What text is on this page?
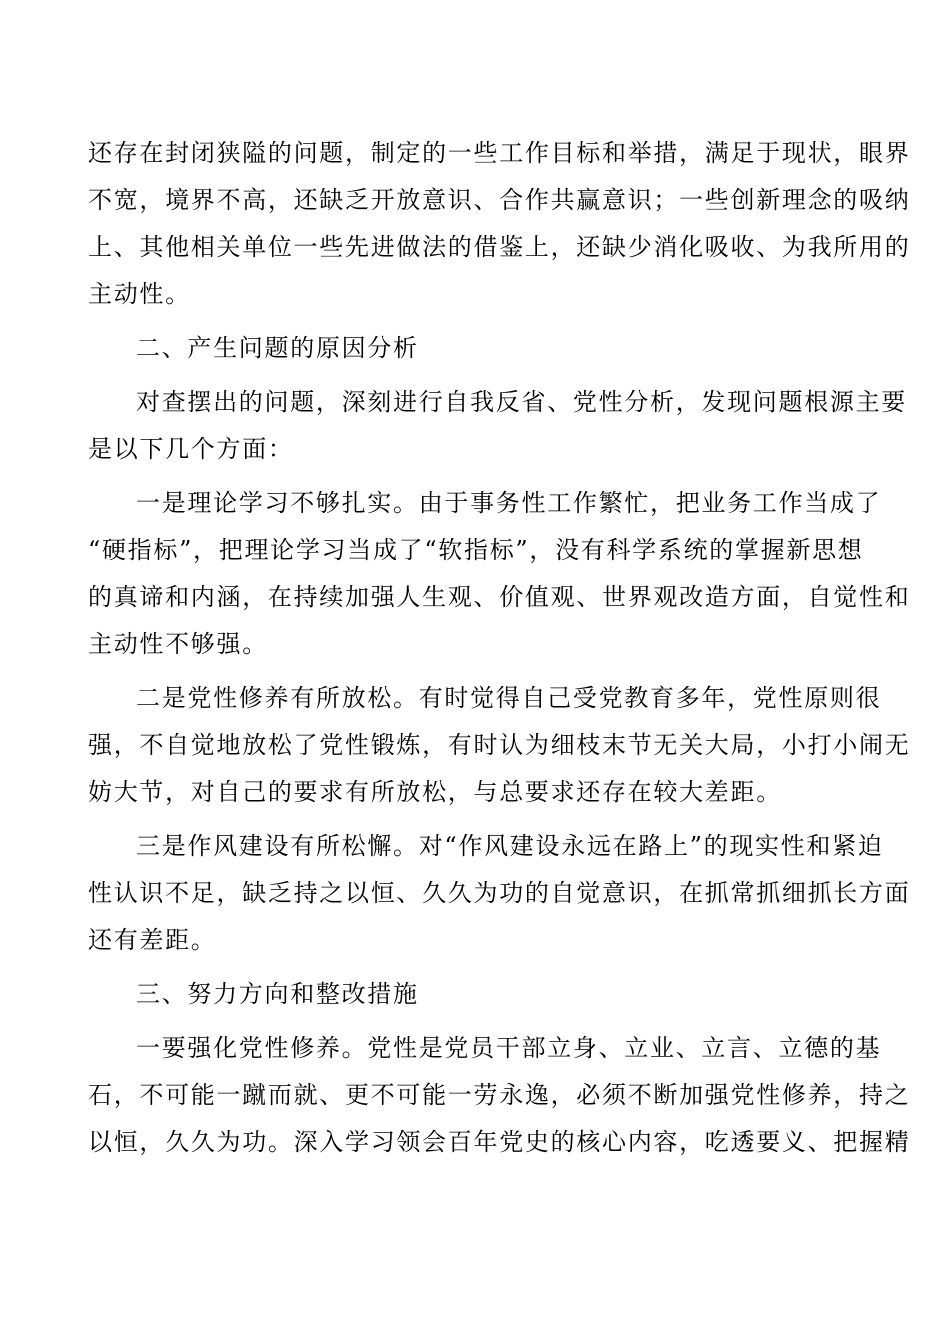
还存在封闭狭隘的问题，制定的一些工作目标和举措，满足于现状，眼界
不宽，境界不高，还缺乏开放意识、合作共赢意识；一些创新理念的吸纳
上、其他相关单位一些先进做法的借鉴上，还缺少消化吸收、为我所用的
主动性。
二、产生问题的原因分析
对查摆出的问题，深刻进行自我反省、党性分析，发现问题根源主要
是以下几个方面：
一是理论学习不够扎实。由于事务性工作繁忙，把业务工作当成了
“硬指标”，把理论学习当成了“软指标”，没有科学系统的掌握新思想
的真谛和内涵，在持续加强人生观、价值观、世界观改造方面，自觉性和
主动性不够强。
二是党性修养有所放松。有时觉得自己受党教育多年，党性原则很
强，不自觉地放松了党性锻炼，有时认为细枝末节无关大局，小打小闹无
妨大节，对自己的要求有所放松，与总要求还存在较大差距。
三是作风建设有所松懈。对“作风建设永远在路上”的现实性和紧迫
性认识不足，缺乏持之以恒、久久为功的自觉意识，在抓常抓细抓长方面
还有差距。
三、努力方向和整改措施
一要强化党性修养。党性是党员干部立身、立业、立言、立德的基
石，不可能一蹴而就、更不可能一劳永逸，必须不断加强党性修养，持之
以恒，久久为功。深入学习领会百年党史的核心内容，吃透要义、把握精
